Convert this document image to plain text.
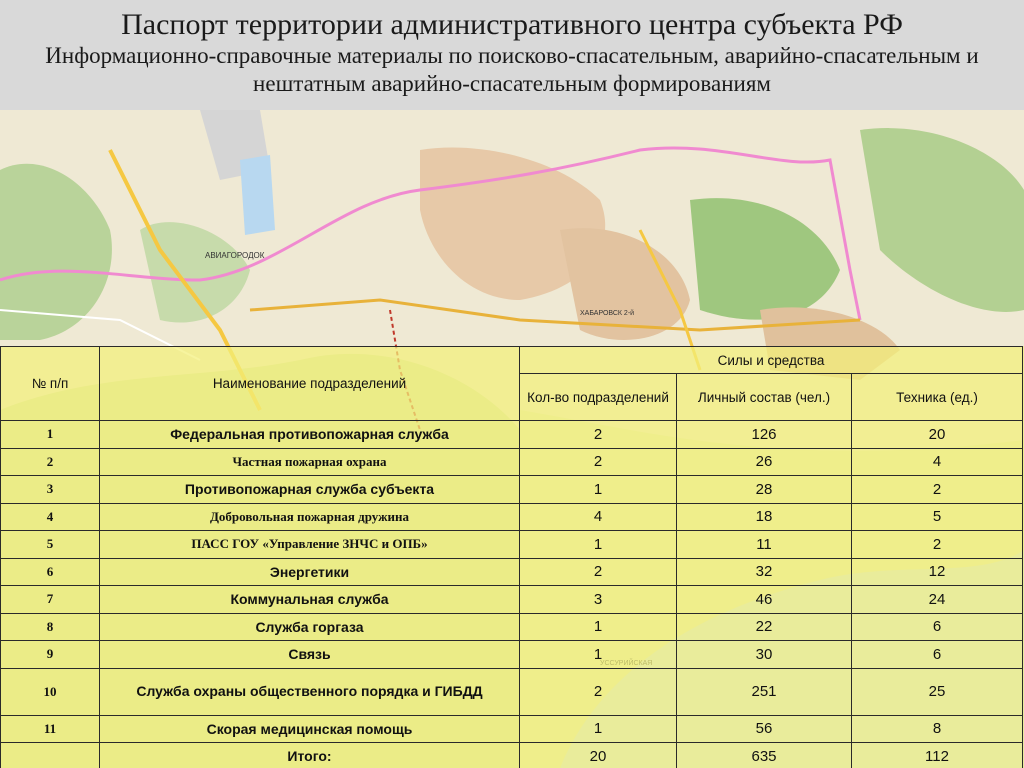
Паспорт территории административного центра субъекта РФ
Информационно-справочные материалы по поисково-спасательным, аварийно-спасательным и нештатным аварийно-спасательным формированиям
АВИАГОРОДОК
ХАБАРОВСК 2-й
№ п/п	Наименование подразделений	Силы и средства		
		Кол-во подразделений	Личный состав (чел.)	Техника (ед.)
1	Федеральная противопожарная служба	2	126	20
2	Частная пожарная охрана	2	26	4
3	Противопожарная служба субъекта	1	28	2
4	Добровольная пожарная дружина	4	18	5
5	ПАСС ГОУ «Управление ЗНЧС и ОПБ»	1	11	2
6	Энергетики	2	32	12
7	Коммунальная служба	3	46	24
8	Служба горгаза	1	22	6
9	Связь	1	30	6
10	Служба охраны общественного порядка и ГИБДД	2	251	25
11	Скорая медицинская помощь	1	56	8
	Итого:	20	635	112
